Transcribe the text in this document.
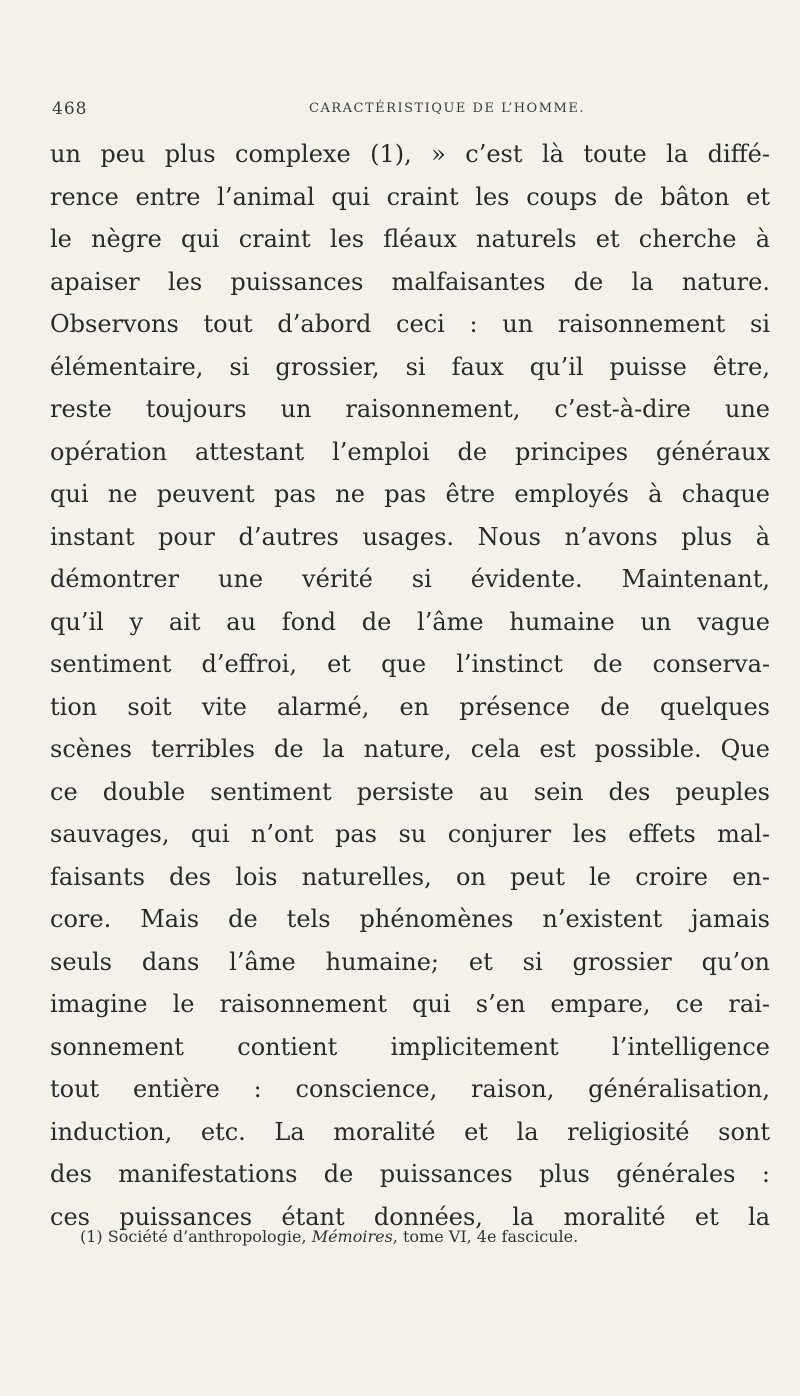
468	CARACTÉRISTIQUE DE L’HOMME.
un peu plus complexe (1), » c’est là toute la diffé-
rence entre l’animal qui craint les coups de bâton et
le nègre qui craint les fléaux naturels et cherche à
apaiser les puissances malfaisantes de la nature.
Observons tout d’abord ceci : un raisonnement si
élémentaire, si grossier, si faux qu’il puisse être,
reste toujours un raisonnement, c’est-à-dire une
opération attestant l’emploi de principes généraux
qui ne peuvent pas ne pas être employés à chaque
instant pour d’autres usages. Nous n’avons plus à
démontrer une vérité si évidente. Maintenant,
qu’il y ait au fond de l’âme humaine un vague
sentiment d’effroi, et que l’instinct de conserva-
tion soit vite alarmé, en présence de quelques
scènes terribles de la nature, cela est possible. Que
ce double sentiment persiste au sein des peuples
sauvages, qui n’ont pas su conjurer les effets mal-
faisants des lois naturelles, on peut le croire en-
core. Mais de tels phénomènes n’existent jamais
seuls dans l’âme humaine; et si grossier qu’on
imagine le raisonnement qui s’en empare, ce rai-
sonnement contient implicitement l’intelligence
tout entière : conscience, raison, généralisation,
induction, etc. La moralité et la religiosité sont
des manifestations de puissances plus générales :
ces puissances étant données, la moralité et la
(1) Société d’anthropologie, Mémoires, tome VI, 4e fascicule.
